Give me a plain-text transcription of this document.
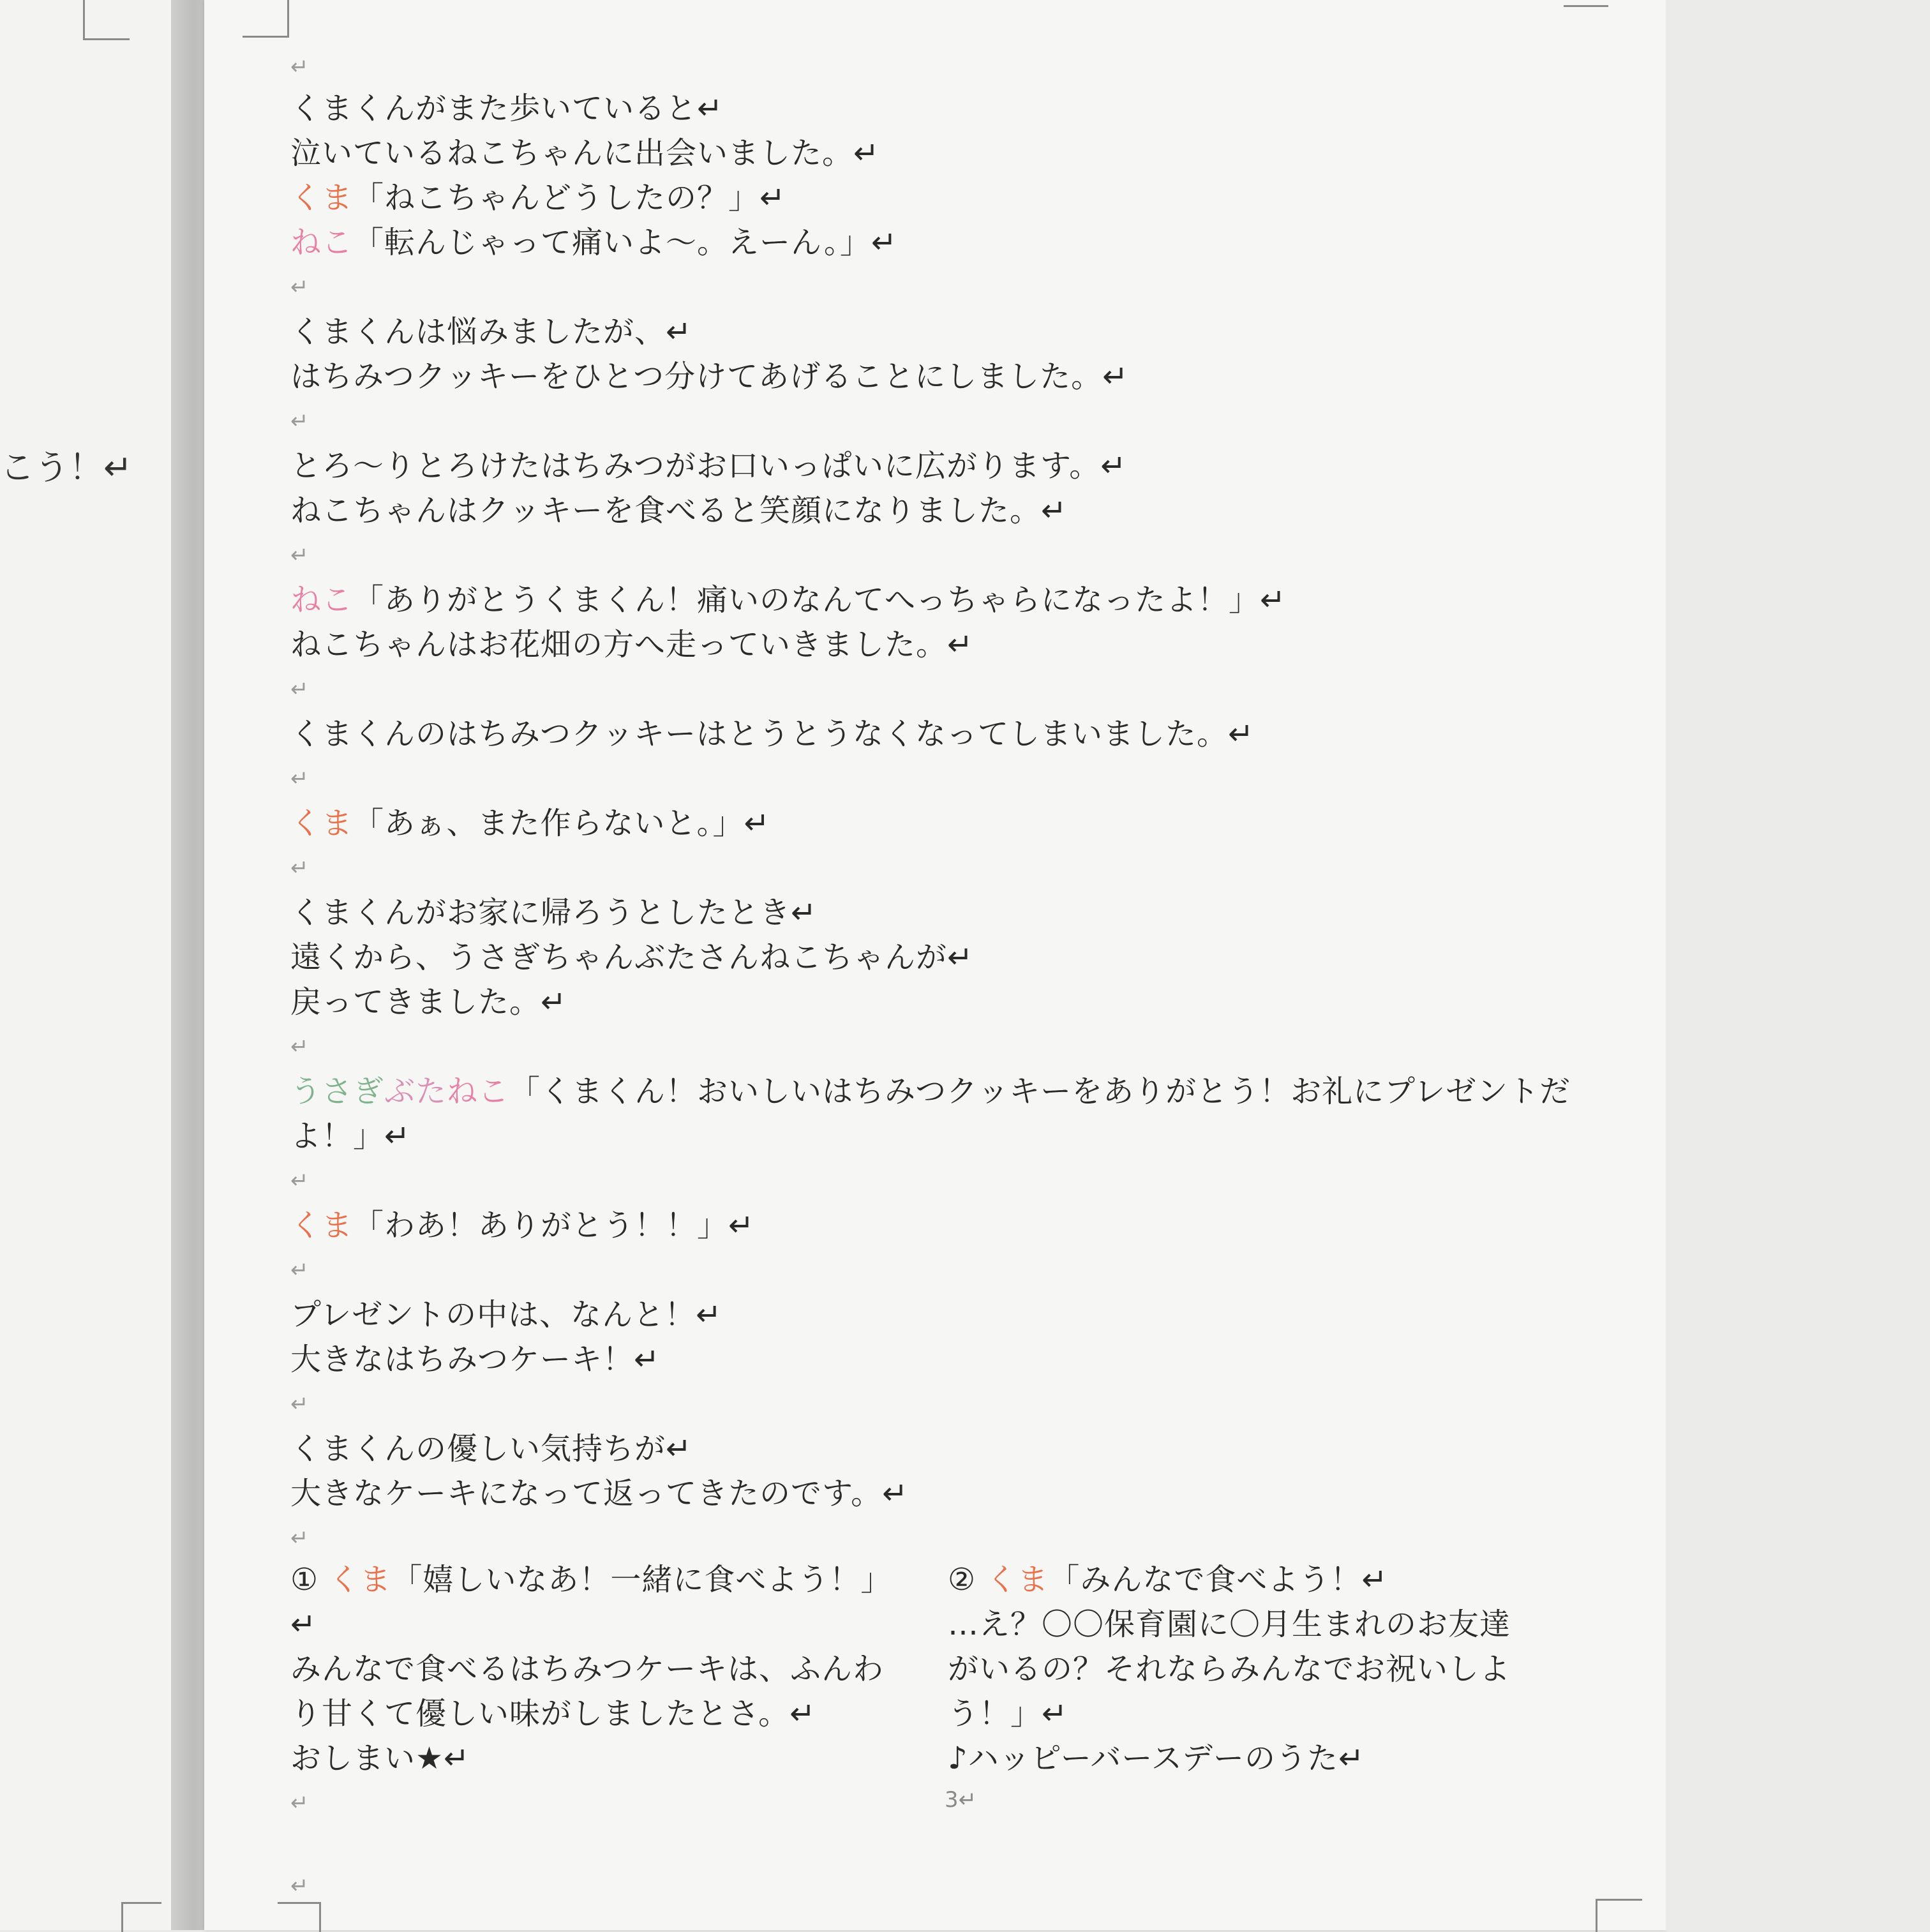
こう！↵
↵
くまくんがまた歩いていると↵
泣いているねこちゃんに出会いました。↵
くま「ねこちゃんどうしたの？」↵
ねこ「転んじゃって痛いよ～。えーん。」↵
↵
くまくんは悩みましたが、↵
はちみつクッキーをひとつ分けてあげることにしました。↵
↵
とろ～りとろけたはちみつがお口いっぱいに広がります。↵
ねこちゃんはクッキーを食べると笑顔になりました。↵
↵
ねこ「ありがとうくまくん！痛いのなんてへっちゃらになったよ！」↵
ねこちゃんはお花畑の方へ走っていきました。↵
↵
くまくんのはちみつクッキーはとうとうなくなってしまいました。↵
↵
くま「あぁ、また作らないと。」↵
↵
くまくんがお家に帰ろうとしたとき↵
遠くから、うさぎちゃんぶたさんねこちゃんが↵
戻ってきました。↵
↵
うさぎぶたねこ「くまくん！おいしいはちみつクッキーをありがとう！お礼にプレゼントだ
よ！」↵
↵
くま「わあ！ありがとう！！」↵
↵
プレゼントの中は、なんと！↵
大きなはちみつケーキ！↵
↵
くまくんの優しい気持ちが↵
大きなケーキになって返ってきたのです。↵
↵
① くま「嬉しいなあ！一緒に食べよう！」↵
みんなで食べるはちみつケーキは、ふんわ
り甘くて優しい味がしましたとさ。↵
おしまい★↵
↵
↵
② くま「みんなで食べよう！↵
…え？〇〇保育園に〇月生まれのお友達
がいるの？それならみんなでお祝いしよ
う！」↵
♪ハッピーバースデーのうた↵
3↵
